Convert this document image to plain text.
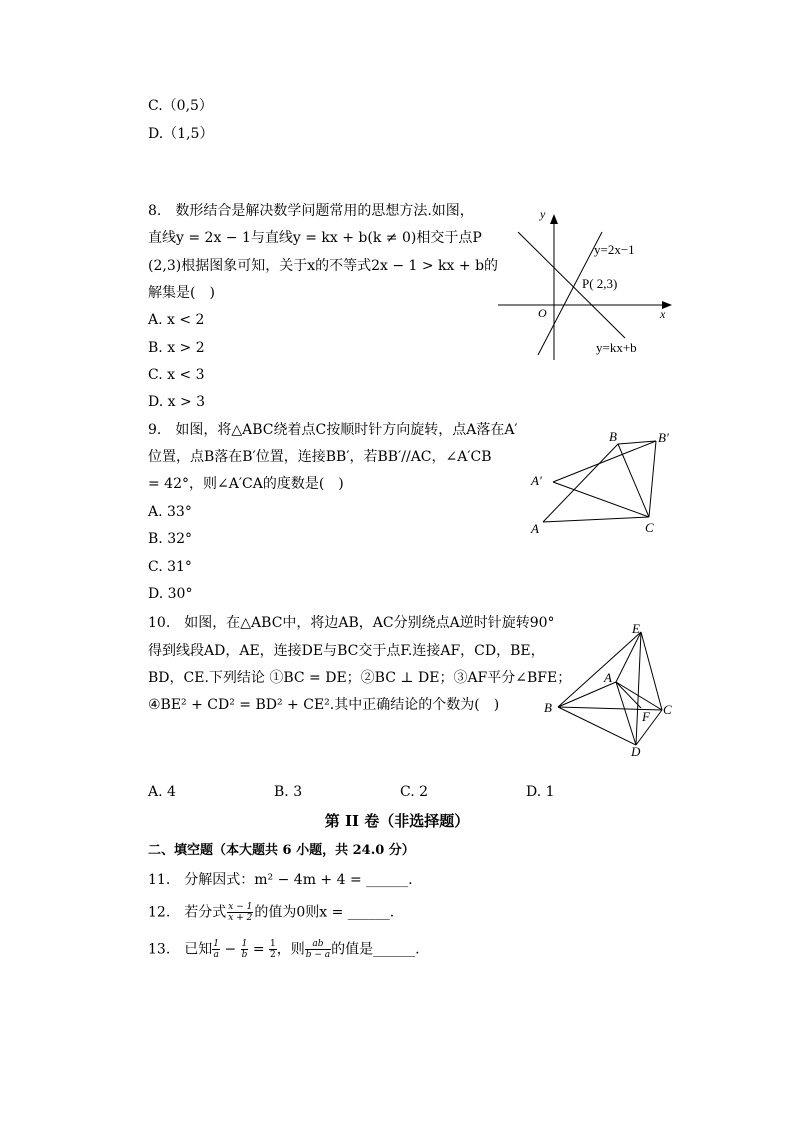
C.（0,5）
D.（1,5）
8.　数形结合是解决数学问题常用的思想方法.如图，
直线y = 2x − 1与直线y = kx + b(k ≠ 0)相交于点P
(2,3)根据图象可知，关于x的不等式2x − 1 > kx + b的
解集是(　)
A. x < 2
B. x > 2
C. x < 3
D. x > 3
y
x
O
y=2x−1
P( 2,3)
y=kx+b
9.　如图，将△ABC绕着点C按顺时针方向旋转，点A落在A′
位置，点B落在B′位置，连接BB′，若BB′//AC，∠A′CB
= 42°，则∠A′CA的度数是(　)
A. 33°
B. 32°
C. 31°
D. 30°
A
B
C
A′
B′
10.　如图，在△ABC中，将边AB，AC分别绕点A逆时针旋转90°
得到线段AD，AE，连接DE与BC交于点F.连接AF，CD，BE，
BD，CE.下列结论 ①BC = DE；②BC ⊥ DE；③AF平分∠BFE；
④BE² + CD² = BD² + CE².其中正确结论的个数为(　)
A
B	C
D
E
F
A. 4	B. 3	C. 2	D. 1
第 II 卷（非选择题）
二、填空题（本大题共 6 小题，共 24.0 分）
11.　分解因式：m² − 4m + 4 = ______.
12.　若分式 $\frac{x - 1}{x + 2}$ 的值为0则x = ______.
13.　已知 $\frac{1}{a} - \frac{1}{b} = \frac{1}{2}$ ，则 $\frac{ab}{b - a}$ 的值是______.
